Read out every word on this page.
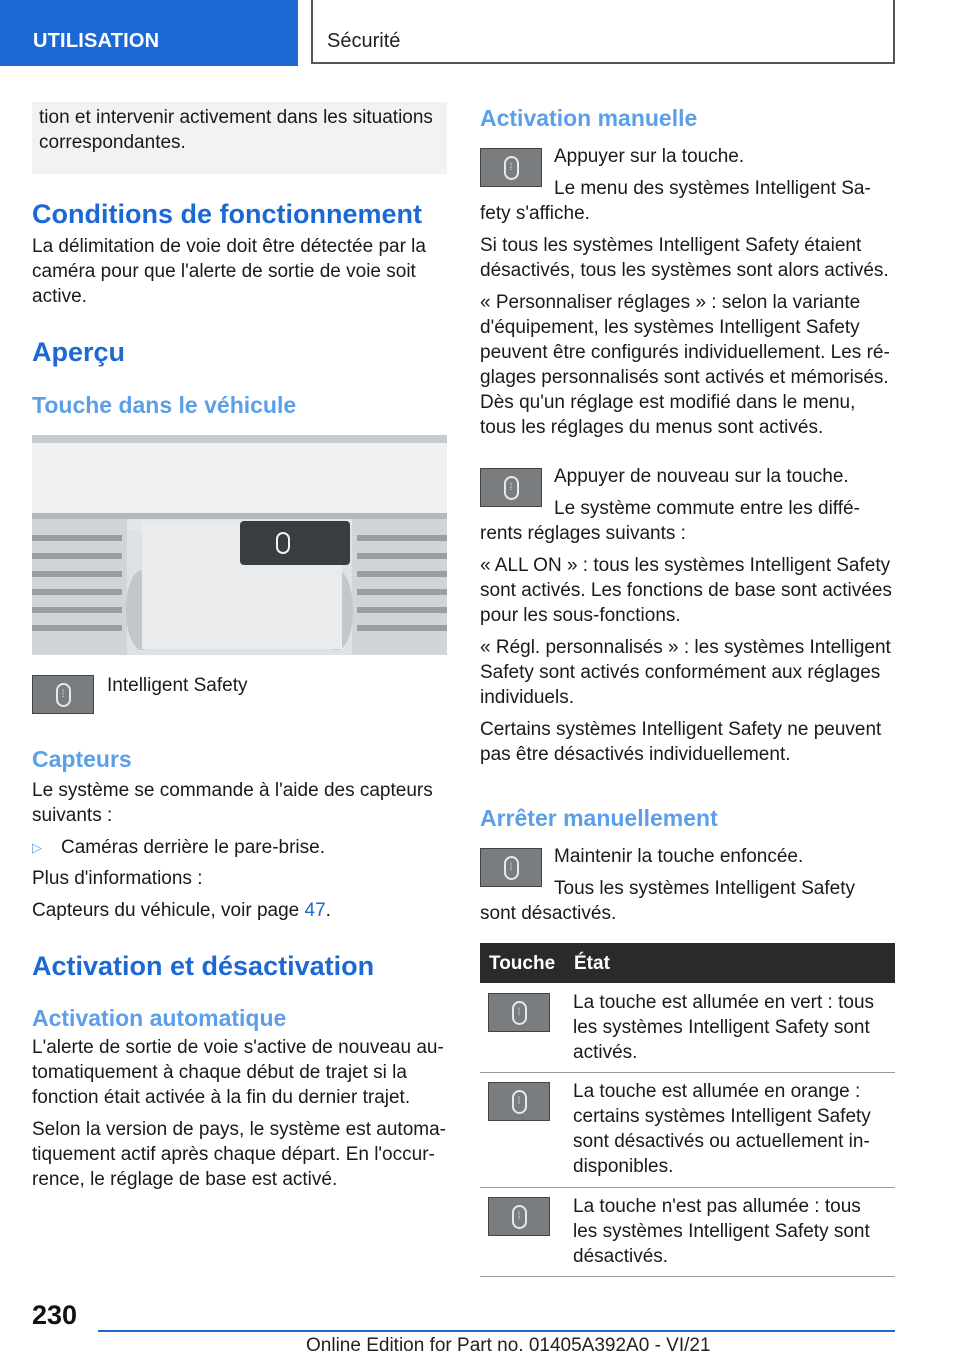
UTILISATION	Sécurité

tion et intervenir activement dans les situations correspondantes.

Conditions de fonctionnement

La délimitation de voie doit être détectée par la caméra pour que l'alerte de sortie de voie soit active.

Aperçu
Touche dans le véhicule
⁞	Intelligent Safety

Capteurs

Le système se commande à l'aide des capteurs suivants :

▷ Caméras derrière le pare-brise.

Plus d'informations :

Capteurs du véhicule, voir page 47.

Activation et désactivation
Activation automatique

L'alerte de sortie de voie s'active de nouveau au-tomatiquement à chaque début de trajet si la fonction était activée à la fin du dernier trajet.

Selon la version de pays, le système est automa-tiquement actif après chaque départ. En l'occur-rence, le réglage de base est activé.

Activation manuelle
⁞	Appuyer sur la touche.

Le menu des systèmes Intelligent Sa-fety s'affiche.

Si tous les systèmes Intelligent Safety étaient désactivés, tous les systèmes sont alors activés.

« Personnaliser réglages » : selon la variante d'équipement, les systèmes Intelligent Safety peuvent être configurés individuellement. Les ré-glages personnalisés sont activés et mémorisés. Dès qu'un réglage est modifié dans le menu, tous les réglages du menus sont activés.

⁞	Appuyer de nouveau sur la touche.

Le système commute entre les diffé-rents réglages suivants :

« ALL ON » : tous les systèmes Intelligent Safety sont activés. Les fonctions de base sont activées pour les sous-fonctions.

« Régl. personnalisés » : les systèmes Intelligent Safety sont activés conformément aux réglages individuels.

Certains systèmes Intelligent Safety ne peuvent pas être désactivés individuellement.

Arrêter manuellement
⁞	Maintenir la touche enfoncée.

Tous les systèmes Intelligent Safety sont désactivés.

Touche État
⁞	La touche est allumée en vert : tous les systèmes Intelligent Safety sont activés.

⁞	La touche est allumée en orange : certains systèmes Intelligent Safety sont désactivés ou actuellement in-disponibles.

⁞	La touche n'est pas allumée : tous les systèmes Intelligent Safety sont désactivés.

230
Online Edition for Part no. 01405A392A0 - VI/21
